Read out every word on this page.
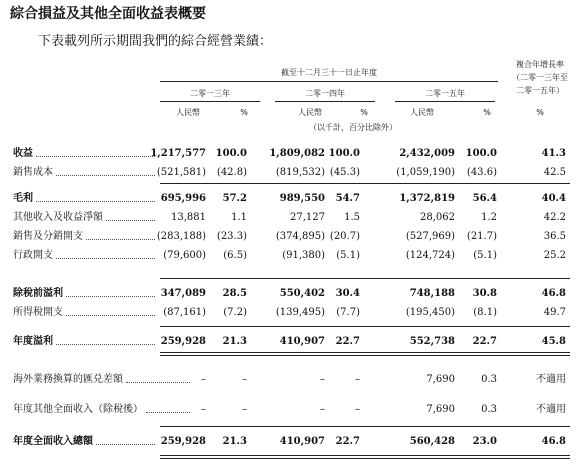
綜合損益及其他全面收益表概要
下表載列所示期間我們的綜合經營業績：
截至十二月三十一日止年度
複合年增長率
（二零一三年至
二零一五年）
二零一三年	二零一四年	二零一五年
人民幣	%	人民幣	%	人民幣	%	%
（以千計，百分比除外）
收益	1,217,577 100.0 1,809,082 100.0	2,432,009 100.0	41.3
銷售成本	(521,581) (42.8)	(819,532) (45.3)	(1,059,190) (43.6)	42.5
毛利	695,996 57.2	989,550 54.7	1,372,819 56.4	40.4
其他收入及收益淨額	13,881	1.1	27,127 1.5	28,062	1.2	42.2
銷售及分銷開支	(283,188) (23.3)	(374,895) (20.7)	(527,969) (21.7)	36.5
行政開支	(79,600) (6.5)	(91,380) (5.1)	(124,724) (5.1)	25.2
除稅前溢利	347,089 28.5	550,402 30.4	748,188 30.8	46.8
所得稅開支	(87,161) (7.2)	(139,495) (7.7)	(195,450) (8.1)	49.7
年度溢利	259,928 21.3	410,907 22.7	552,738 22.7	45.8
海外業務換算的匯兑差額	–	–	–	–	7,690	0.3	不適用
年度其他全面收入（除稅後）	–	–	–	–	7,690	0.3	不適用
年度全面收入總額	259,928 21.3	410,907 22.7	560,428 23.0	46.8
